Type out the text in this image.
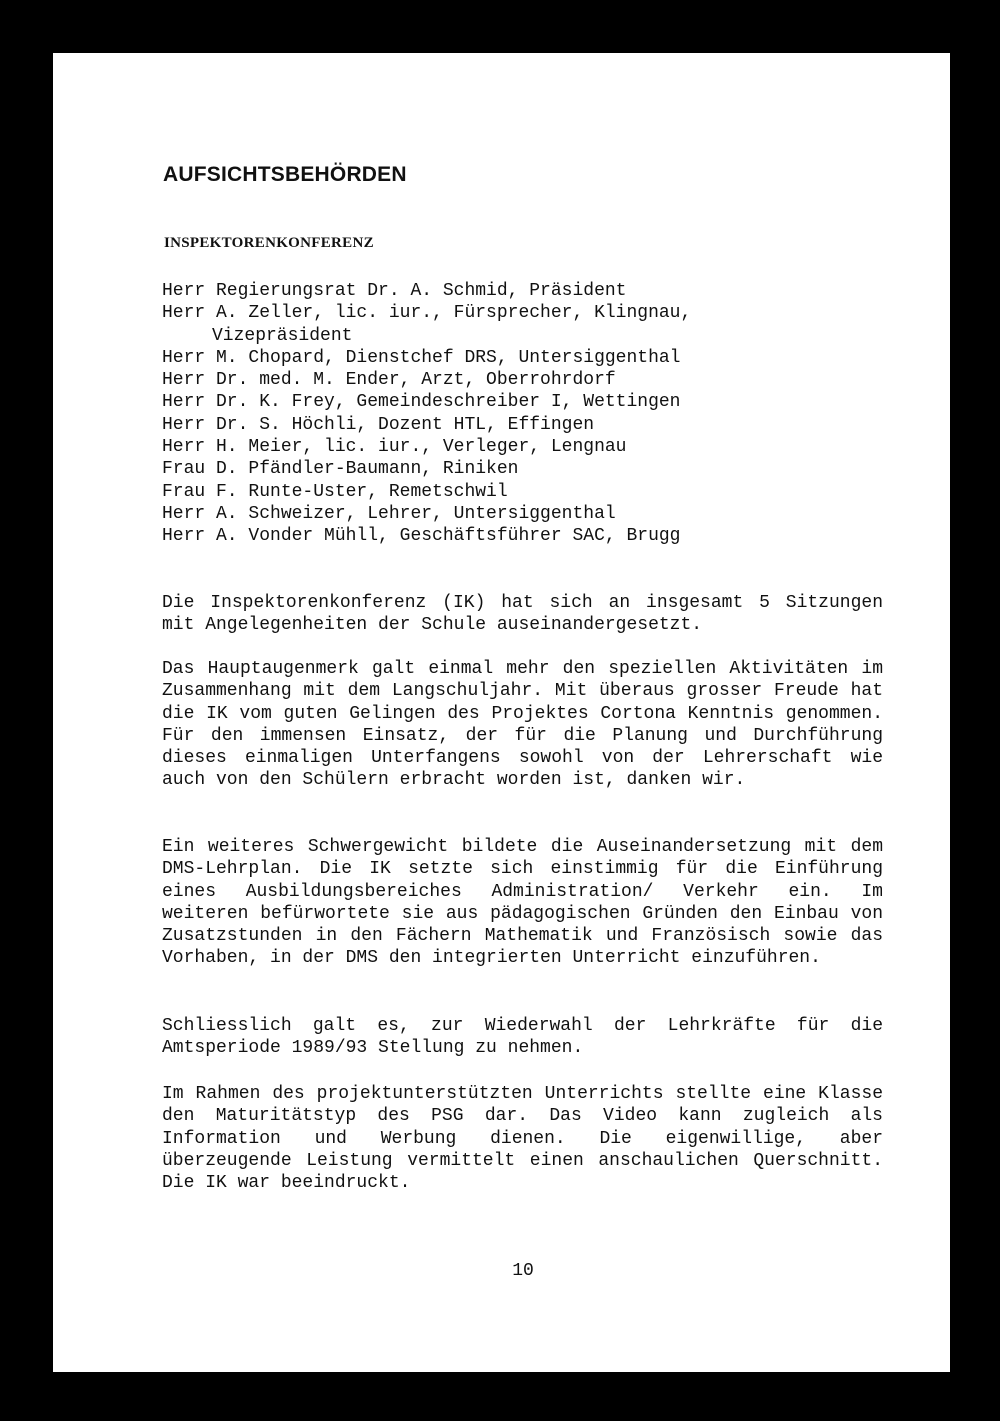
AUFSICHTSBEHÖRDEN
INSPEKTORENKONFERENZ
Herr Regierungsrat Dr. A. Schmid, Präsident
Herr A. Zeller, lic. iur., Fürsprecher, Klingnau,
Vizepräsident
Herr M. Chopard, Dienstchef DRS, Untersiggenthal
Herr Dr. med. M. Ender, Arzt, Oberrohrdorf
Herr Dr. K. Frey, Gemeindeschreiber I, Wettingen
Herr Dr. S. Höchli, Dozent HTL, Effingen
Herr H. Meier, lic. iur., Verleger, Lengnau
Frau D. Pfändler-Baumann, Riniken
Frau F. Runte-Uster, Remetschwil
Herr A. Schweizer, Lehrer, Untersiggenthal
Herr A. Vonder Mühll, Geschäftsführer SAC, Brugg

Die Inspektorenkonferenz (IK) hat sich an insgesamt 5 Sitzungen mit Angelegenheiten der Schule auseinandergesetzt.

Das Hauptaugenmerk galt einmal mehr den speziellen Aktivitäten im Zusammenhang mit dem Langschuljahr. Mit überaus grosser Freude hat die IK vom guten Gelingen des Projektes Cortona Kenntnis genommen. Für den immensen Einsatz, der für die Planung und Durchführung dieses einmaligen Unterfangens sowohl von der Lehrerschaft wie auch von den Schülern erbracht worden ist, danken wir.

Ein weiteres Schwergewicht bildete die Auseinandersetzung mit dem DMS-Lehrplan. Die IK setzte sich einstimmig für die Einführung eines Ausbildungsbereiches Administration/ Verkehr ein. Im weiteren befürwortete sie aus pädagogischen Gründen den Einbau von Zusatzstunden in den Fächern Mathematik und Französisch sowie das Vorhaben, in der DMS den integrierten Unterricht einzuführen.

Schliesslich galt es, zur Wiederwahl der Lehrkräfte für die Amtsperiode 1989/93 Stellung zu nehmen.

Im Rahmen des projektunterstützten Unterrichts stellte eine Klasse den Maturitätstyp des PSG dar. Das Video kann zugleich als Information und Werbung dienen. Die eigenwillige, aber überzeugende Leistung vermittelt einen anschaulichen Querschnitt. Die IK war beeindruckt.

10
